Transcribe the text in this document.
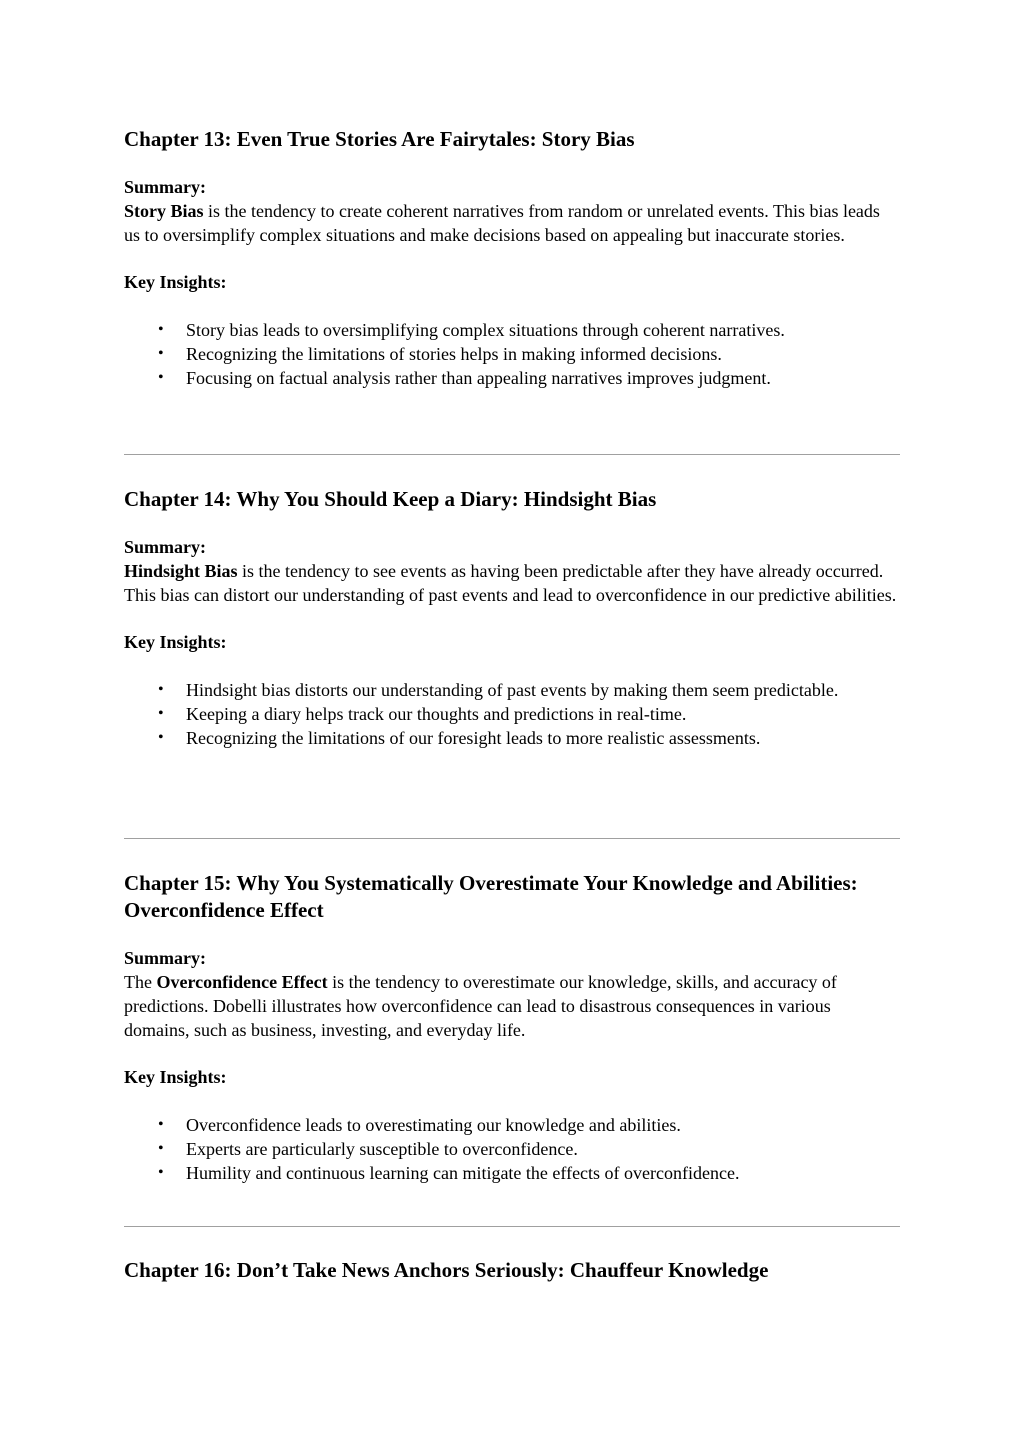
Chapter 13: Even True Stories Are Fairytales: Story Bias

Summary:

Story Bias is the tendency to create coherent narratives from random or unrelated events. This bias leads us to oversimplify complex situations and make decisions based on appealing but inaccurate stories.

Key Insights:

• Story bias leads to oversimplifying complex situations through coherent narratives.
• Recognizing the limitations of stories helps in making informed decisions.
• Focusing on factual analysis rather than appealing narratives improves judgment.
Chapter 14: Why You Should Keep a Diary: Hindsight Bias

Summary:

Hindsight Bias is the tendency to see events as having been predictable after they have already occurred. This bias can distort our understanding of past events and lead to overconfidence in our predictive abilities.

Key Insights:

• Hindsight bias distorts our understanding of past events by making them seem predictable.
• Keeping a diary helps track our thoughts and predictions in real-time.
• Recognizing the limitations of our foresight leads to more realistic assessments.
Chapter 15: Why You Systematically Overestimate Your Knowledge and Abilities: Overconfidence Effect

Summary:

The Overconfidence Effect is the tendency to overestimate our knowledge, skills, and accuracy of predictions. Dobelli illustrates how overconfidence can lead to disastrous consequences in various domains, such as business, investing, and everyday life.

Key Insights:

• Overconfidence leads to overestimating our knowledge and abilities.
• Experts are particularly susceptible to overconfidence.
• Humility and continuous learning can mitigate the effects of overconfidence.
Chapter 16: Don’t Take News Anchors Seriously: Chauffeur Knowledge
